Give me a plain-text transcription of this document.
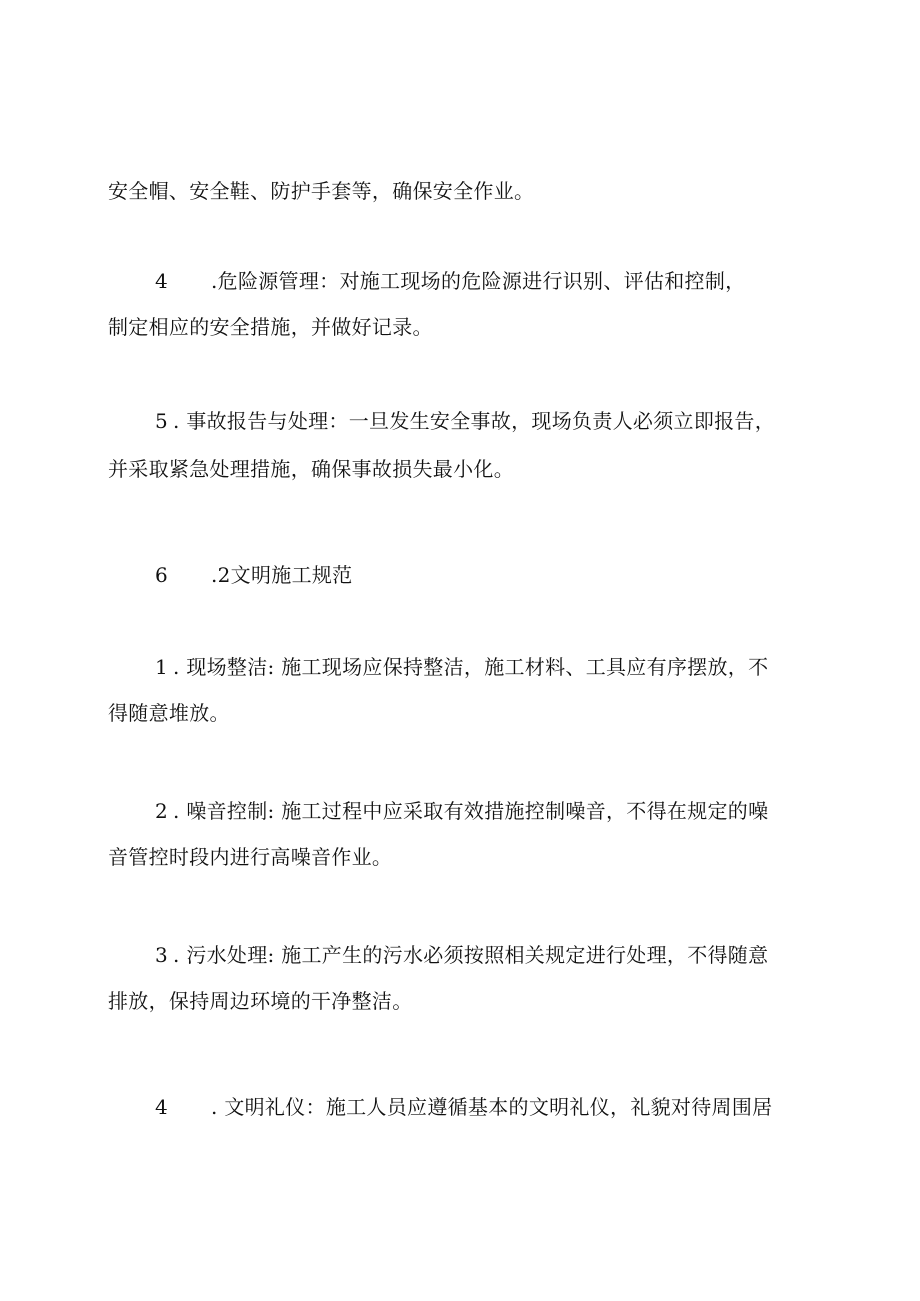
安全帽、安全鞋、防护手套等，确保安全作业。
4 .危险源管理：对施工现场的危险源进行识别、评估和控制，
制定相应的安全措施，并做好记录。
5 . 事故报告与处理：一旦发生安全事故，现场负责人必须立即报告，
并采取紧急处理措施，确保事故损失最小化。
6 .2文明施工规范
1 . 现场整洁: 施工现场应保持整洁，施工材料、工具应有序摆放，不
得随意堆放。
2 . 噪音控制: 施工过程中应采取有效措施控制噪音，不得在规定的噪
音管控时段内进行高噪音作业。
3 . 污水处理: 施工产生的污水必须按照相关规定进行处理，不得随意
排放，保持周边环境的干净整洁。
4 . 文明礼仪：施工人员应遵循基本的文明礼仪，礼貌对待周围居
